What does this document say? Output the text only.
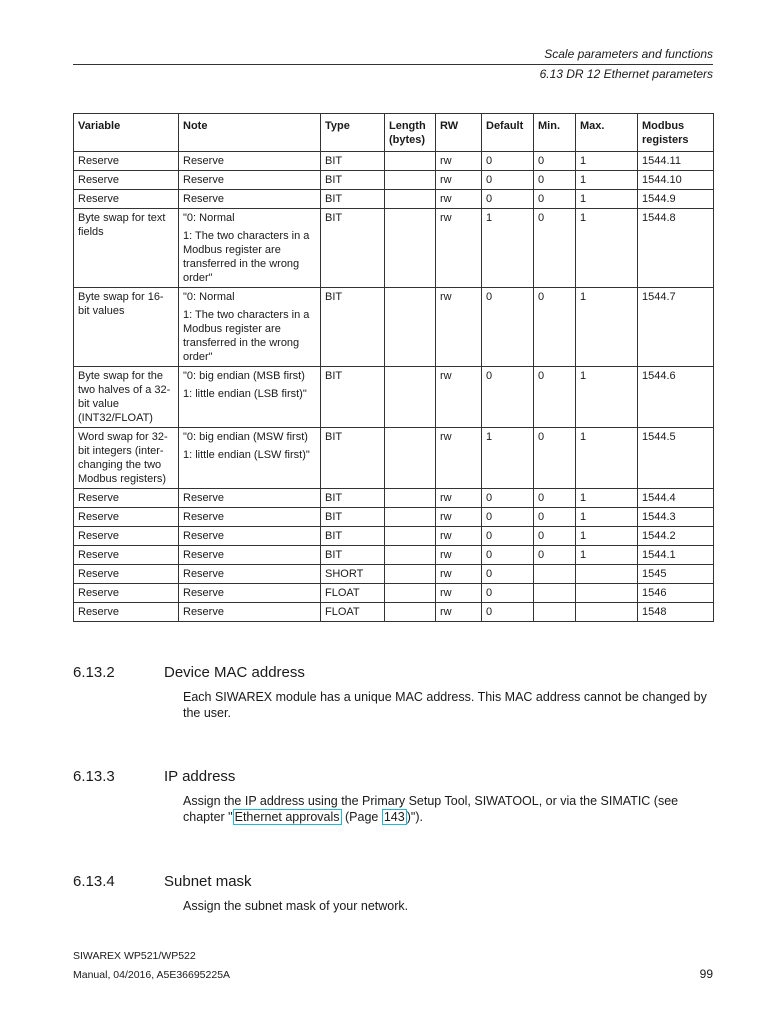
Scale parameters and functions
6.13 DR 12 Ethernet parameters
Variable	Note	Type	Length (bytes)	RW	Default	Min.	Max.	Modbus registers
Reserve	Reserve	BIT		rw	0	0	1	1544.11
Reserve	Reserve	BIT		rw	0	0	1	1544.10
Reserve	Reserve	BIT		rw	0	0	1	1544.9
Byte swap for text fields	"0: Normal
1: The two characters in a Modbus register are transferred in the wrong order"	BIT		rw	1	0	1	1544.8
Byte swap for 16-bit values	"0: Normal
1: The two characters in a Modbus register are transferred in the wrong order"	BIT		rw	0	0	1	1544.7
Byte swap for the two halves of a 32-bit value (INT32/FLOAT)	"0: big endian (MSB first)
1: little endian (LSB first)"	BIT		rw	0	0	1	1544.6
Word swap for 32-bit integers (inter-changing the two Modbus registers)	"0: big endian (MSW first)
1: little endian (LSW first)"	BIT		rw	1	0	1	1544.5
Reserve	Reserve	BIT		rw	0	0	1	1544.4
Reserve	Reserve	BIT		rw	0	0	1	1544.3
Reserve	Reserve	BIT		rw	0	0	1	1544.2
Reserve	Reserve	BIT		rw	0	0	1	1544.1
Reserve	Reserve	SHORT		rw	0			1545
Reserve	Reserve	FLOAT		rw	0			1546
Reserve	Reserve	FLOAT		rw	0			1548
6.13.2	Device MAC address
Each SIWAREX module has a unique MAC address. This MAC address cannot be changed by the user.
6.13.3	IP address
Assign the IP address using the Primary Setup Tool, SIWATOOL, or via the SIMATIC (see chapter " Ethernet approvals (Page 143 )").
6.13.4	Subnet mask
Assign the subnet mask of your network.
SIWAREX WP521/WP522
Manual, 04/2016, A5E36695225A	99
